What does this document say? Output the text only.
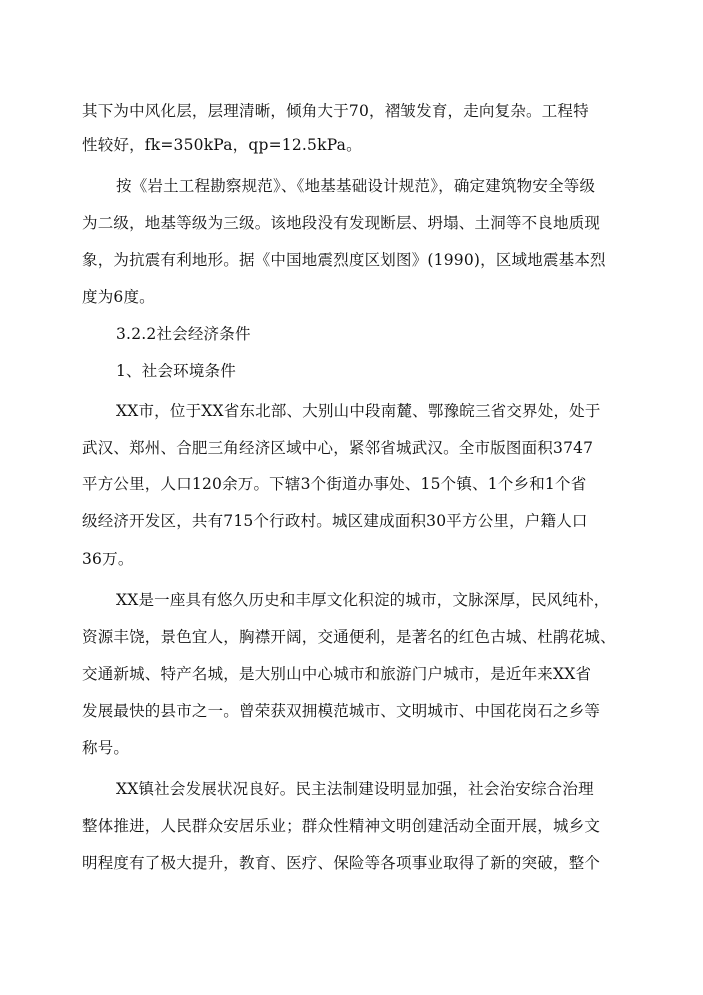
其下为中风化层，层理清晰，倾角大于70，褶皱发育，走向复杂。工程特
性较好，fk=350kPa，qp=12.5kPa。
按《岩土工程勘察规范》、《地基基础设计规范》，确定建筑物安全等级
为二级，地基等级为三级。该地段没有发现断层、坍塌、土洞等不良地质现
象，为抗震有利地形。据《中国地震烈度区划图》(1990)，区域地震基本烈
度为6度。
3.2.2社会经济条件
1、社会环境条件
XX市，位于XX省东北部、大别山中段南麓、鄂豫皖三省交界处，处于
武汉、郑州、合肥三角经济区域中心，紧邻省城武汉。全市版图面积3747
平方公里，人口120余万。下辖3个街道办事处、15个镇、1个乡和1个省
级经济开发区，共有715个行政村。城区建成面积30平方公里，户籍人口
36万。
XX是一座具有悠久历史和丰厚文化积淀的城市，文脉深厚，民风纯朴，
资源丰饶，景色宜人，胸襟开阔，交通便利，是著名的红色古城、杜鹃花城、
交通新城、特产名城，是大别山中心城市和旅游门户城市，是近年来XX省
发展最快的县市之一。曾荣获双拥模范城市、文明城市、中国花岗石之乡等
称号。
XX镇社会发展状况良好。民主法制建设明显加强，社会治安综合治理
整体推进，人民群众安居乐业；群众性精神文明创建活动全面开展，城乡文
明程度有了极大提升，教育、医疗、保险等各项事业取得了新的突破，整个
